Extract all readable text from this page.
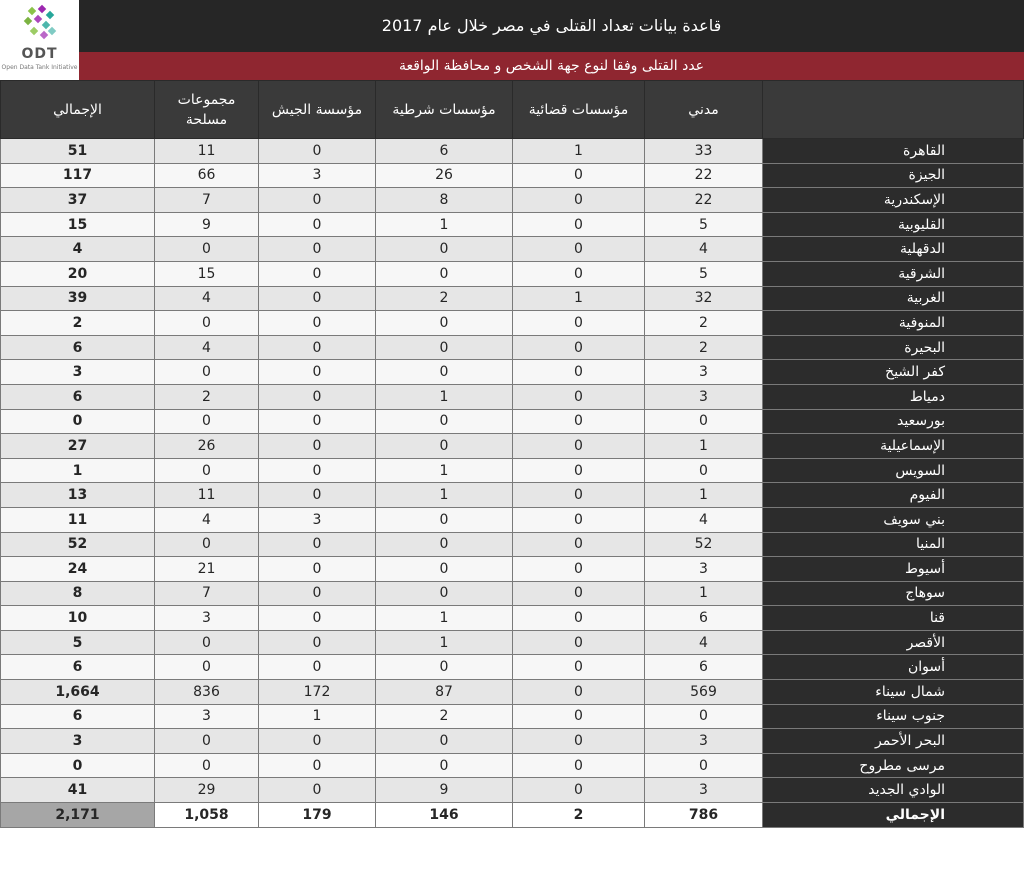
ODT
Open Data Tank Initiative
قاعدة بيانات تعداد القتلى في مصر خلال عام 2017
عدد القتلى وفقا لنوع جهة الشخص و محافظة الواقعة
الإجمالي	مجموعات مسلحة	مؤسسة الجيش	مؤسسات شرطية	مؤسسات قضائية	مدني	
51	11	0	6	1	33	القاهرة
117	66	3	26	0	22	الجيزة
37	7	0	8	0	22	الإسكندرية
15	9	0	1	0	5	القليوبية
4	0	0	0	0	4	الدقهلية
20	15	0	0	0	5	الشرقية
39	4	0	2	1	32	الغربية
2	0	0	0	0	2	المنوفية
6	4	0	0	0	2	البحيرة
3	0	0	0	0	3	كفر الشيخ
6	2	0	1	0	3	دمياط
0	0	0	0	0	0	بورسعيد
27	26	0	0	0	1	الإسماعيلية
1	0	0	1	0	0	السويس
13	11	0	1	0	1	الفيوم
11	4	3	0	0	4	بني سويف
52	0	0	0	0	52	المنيا
24	21	0	0	0	3	أسيوط
8	7	0	0	0	1	سوهاج
10	3	0	1	0	6	قنا
5	0	0	1	0	4	الأقصر
6	0	0	0	0	6	أسوان
1,664	836	172	87	0	569	شمال سيناء
6	3	1	2	0	0	جنوب سيناء
3	0	0	0	0	3	البحر الأحمر
0	0	0	0	0	0	مرسى مطروح
41	29	0	9	0	3	الوادي الجديد
2,171	1,058	179	146	2	786	الإجمالي
